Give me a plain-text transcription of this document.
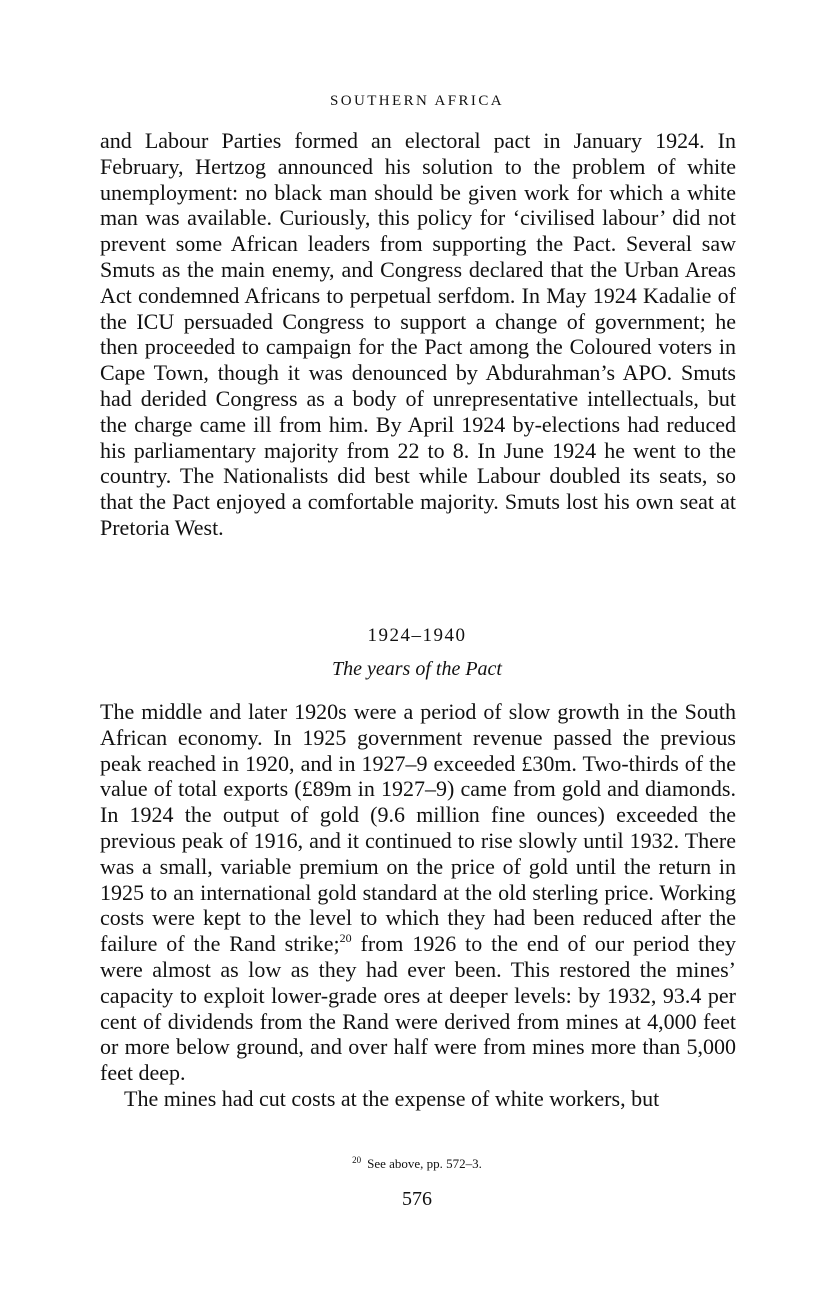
SOUTHERN AFRICA

and Labour Parties formed an electoral pact in January 1924. In February, Hertzog announced his solution to the problem of white unemployment: no black man should be given work for which a white man was available. Curiously, this policy for ‘civilised labour’ did not prevent some African leaders from supporting the Pact. Several saw Smuts as the main enemy, and Congress declared that the Urban Areas Act condemned Africans to perpetual serfdom. In May 1924 Kadalie of the ICU persuaded Congress to support a change of government; he then proceeded to campaign for the Pact among the Coloured voters in Cape Town, though it was denounced by Abdurahman’s APO. Smuts had derided Congress as a body of unrepresentative intellectuals, but the charge came ill from him. By April 1924 by-elections had reduced his parliamentary majority from 22 to 8. In June 1924 he went to the country. The Nationalists did best while Labour doubled its seats, so that the Pact enjoyed a comfortable majority. Smuts lost his own seat at Pretoria West.

1924–1940
The years of the Pact

The middle and later 1920s were a period of slow growth in the South African economy. In 1925 government revenue passed the previous peak reached in 1920, and in 1927–9 exceeded £30m. Two-thirds of the value of total exports (£89m in 1927–9) came from gold and diamonds. In 1924 the output of gold (9.6 million fine ounces) exceeded the previous peak of 1916, and it continued to rise slowly until 1932. There was a small, variable premium on the price of gold until the return in 1925 to an international gold standard at the old sterling price. Working costs were kept to the level to which they had been reduced after the failure of the Rand strike;$^{20}$ from 1926 to the end of our period they were almost as low as they had ever been. This restored the mines’ capacity to exploit lower-grade ores at deeper levels: by 1932, 93.4 per cent of dividends from the Rand were derived from mines at 4,000 feet or more below ground, and over half were from mines more than 5,000 feet deep.

The mines had cut costs at the expense of white workers, but

$^{20}$ See above, pp. 572–3.
576
